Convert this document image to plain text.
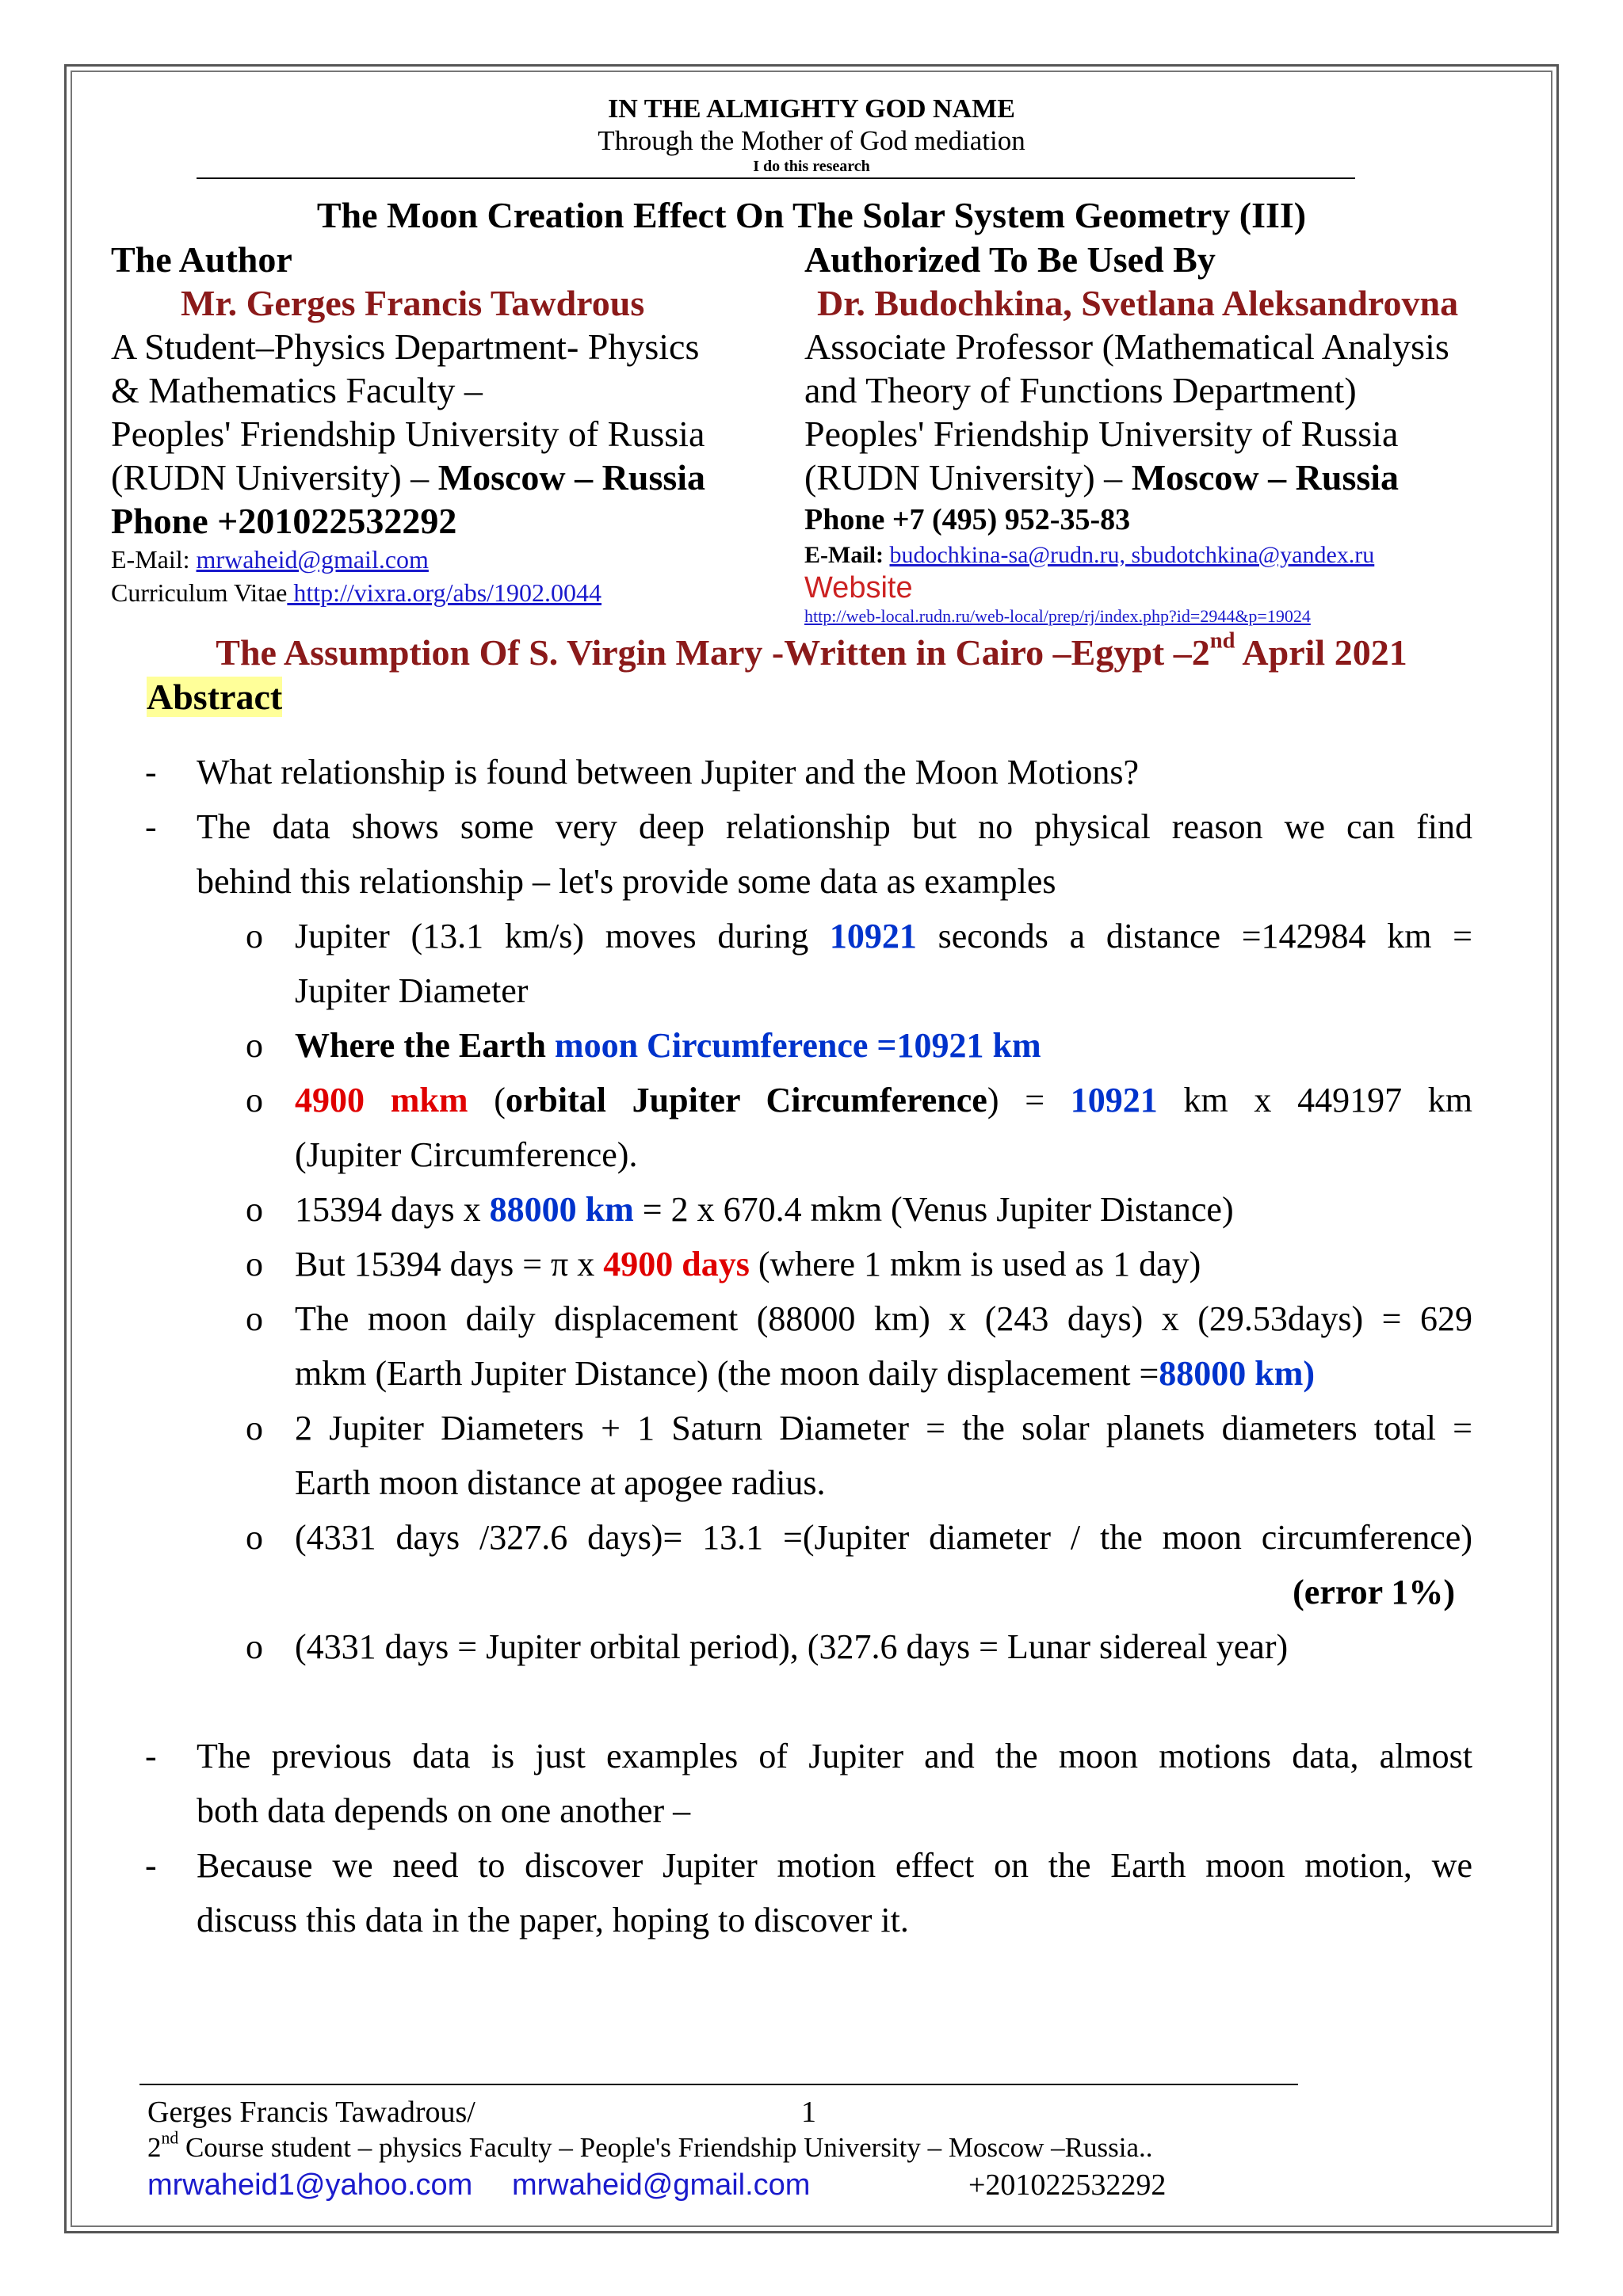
IN THE ALMIGHTY GOD NAME
Through the Mother of God mediation
I do this research
The Moon Creation Effect On The Solar System Geometry (III)
The Author
Mr. Gerges Francis Tawdrous
A Student–Physics Department- Physics
& Mathematics Faculty –
Peoples' Friendship University of Russia
(RUDN University) – Moscow – Russia
Phone +201022532292
E-Mail: mrwaheid@gmail.com
Curriculum Vitae http://vixra.org/abs/1902.0044
Authorized To Be Used By
Dr. Budochkina, Svetlana Aleksandrovna
Associate Professor (Mathematical Analysis
and Theory of Functions Department)
Peoples' Friendship University of Russia
(RUDN University) – Moscow – Russia
Phone +7 (495) 952-35-83
E-Mail: budochkina-sa@rudn.ru, sbudotchkina@yandex.ru
Website
http://web-local.rudn.ru/web-local/prep/rj/index.php?id=2944&p=19024
The Assumption Of S. Virgin Mary -Written in Cairo –Egypt –2nd April 2021
Abstract
- What relationship is found between Jupiter and the Moon Motions?
- The data shows some very deep relationship but no physical reason we can find
behind this relationship – let's provide some data as examples
o Jupiter (13.1 km/s) moves during 10921 seconds a distance =142984 km =
Jupiter Diameter
o Where the Earth moon Circumference =10921 km
o 4900 mkm (orbital Jupiter Circumference) = 10921 km x 449197 km
(Jupiter Circumference).
o 15394 days x 88000 km = 2 x 670.4 mkm (Venus Jupiter Distance)
o But 15394 days = π x 4900 days (where 1 mkm is used as 1 day)
o The moon daily displacement (88000 km) x (243 days) x (29.53days) = 629
mkm (Earth Jupiter Distance) (the moon daily displacement =88000 km)
o 2 Jupiter Diameters + 1 Saturn Diameter = the solar planets diameters total =
Earth moon distance at apogee radius.
o (4331 days /327.6 days)= 13.1 =(Jupiter diameter / the moon circumference)
(error 1%)
o (4331 days = Jupiter orbital period), (327.6 days = Lunar sidereal year)
- The previous data is just examples of Jupiter and the moon motions data, almost
both data depends on one another –
- Because we need to discover Jupiter motion effect on the Earth moon motion, we
discuss this data in the paper, hoping to discover it.
Gerges Francis Tawadrous/	1
2nd Course student – physics Faculty – People's Friendship University – Moscow –Russia..
mrwaheid1@yahoo.com mrwaheid@gmail.com	+201022532292
